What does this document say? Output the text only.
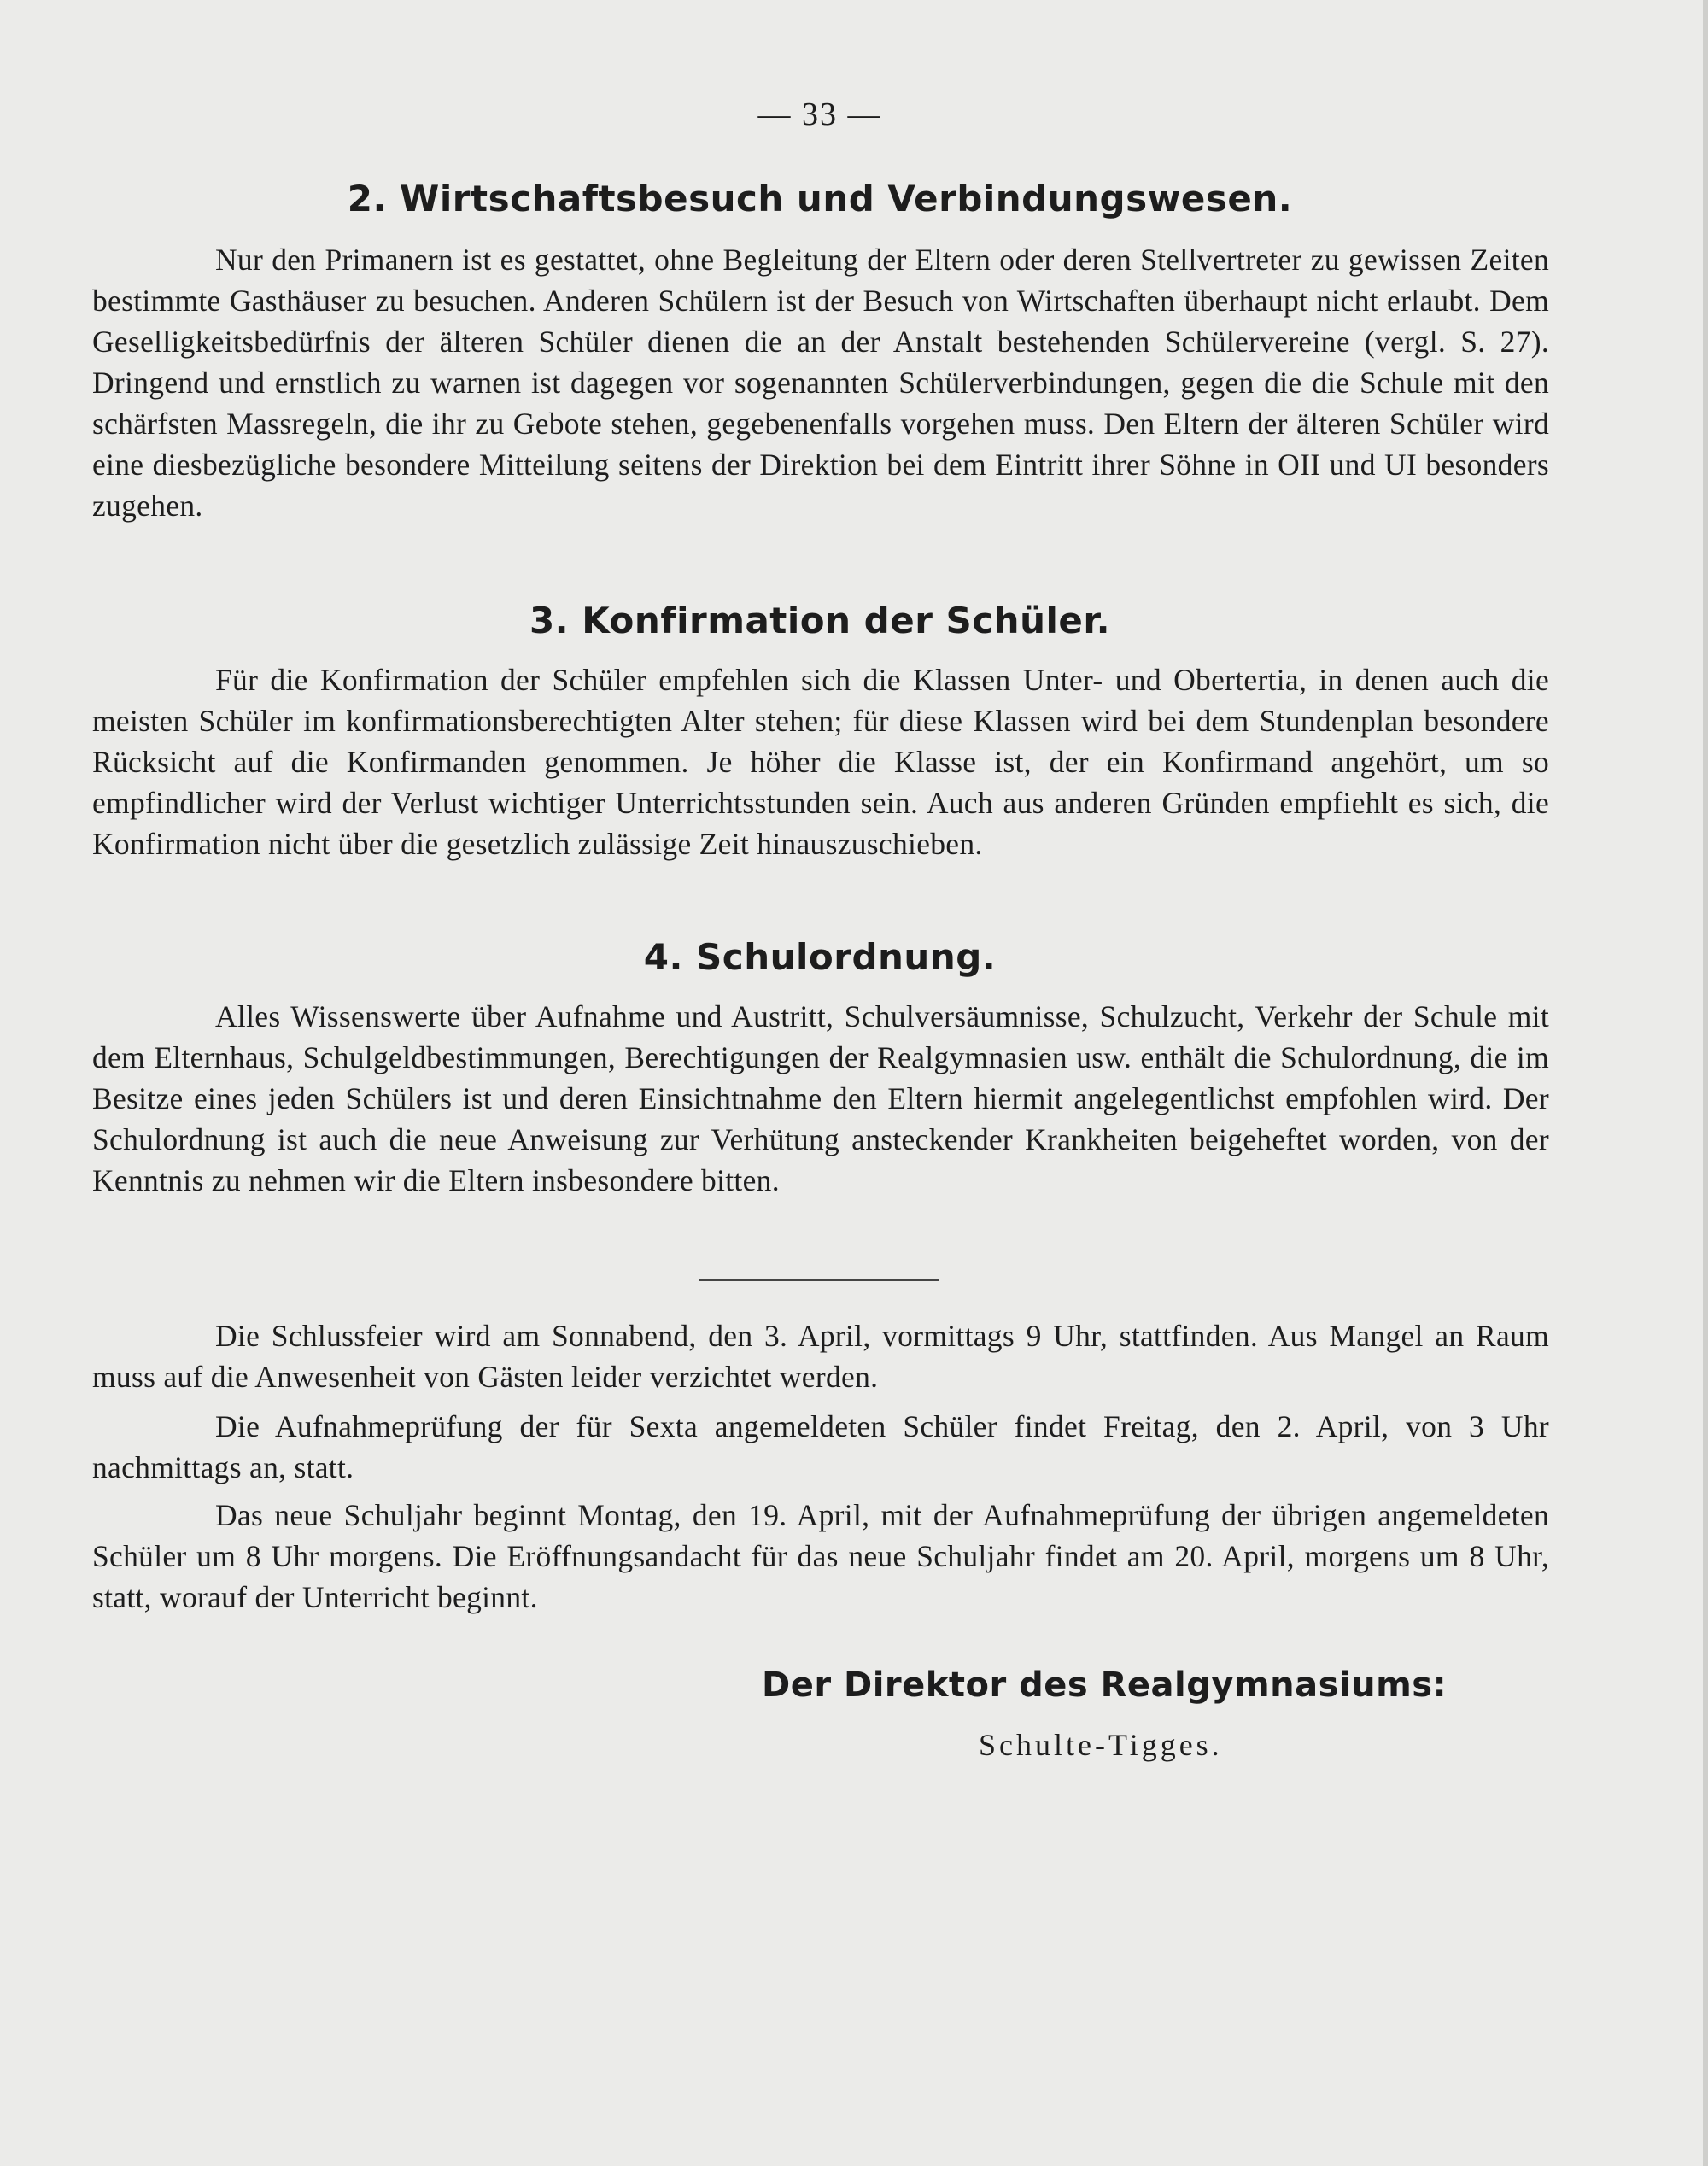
— 33 —
2. Wirtschaftsbesuch und Verbindungswesen.
Nur den Primanern ist es gestattet, ohne Begleitung der Eltern oder deren Stellvertreter zu gewissen Zeiten bestimmte Gasthäuser zu besuchen. Anderen Schülern ist der Besuch von Wirtschaften überhaupt nicht erlaubt. Dem Geselligkeitsbedürfnis der älteren Schüler dienen die an der Anstalt bestehenden Schülervereine (vergl. S. 27). Dringend und ernstlich zu warnen ist dagegen vor sogenannten Schülerverbindungen, gegen die die Schule mit den schärfsten Massregeln, die ihr zu Gebote stehen, gegebenenfalls vorgehen muss. Den Eltern der älteren Schüler wird eine diesbezügliche besondere Mitteilung seitens der Direktion bei dem Eintritt ihrer Söhne in OII und UI besonders zugehen.
3. Konfirmation der Schüler.
Für die Konfirmation der Schüler empfehlen sich die Klassen Unter- und Obertertia, in denen auch die meisten Schüler im konfirmationsberechtigten Alter stehen; für diese Klassen wird bei dem Stundenplan besondere Rücksicht auf die Konfirmanden genommen. Je höher die Klasse ist, der ein Konfirmand angehört, um so empfindlicher wird der Verlust wichtiger Unterrichtsstunden sein. Auch aus anderen Gründen empfiehlt es sich, die Konfirmation nicht über die gesetzlich zulässige Zeit hinauszuschieben.
4. Schulordnung.
Alles Wissenswerte über Aufnahme und Austritt, Schulversäumnisse, Schulzucht, Verkehr der Schule mit dem Elternhaus, Schulgeldbestimmungen, Berechtigungen der Realgymnasien usw. enthält die Schulordnung, die im Besitze eines jeden Schülers ist und deren Einsichtnahme den Eltern hiermit angelegentlichst empfohlen wird. Der Schulordnung ist auch die neue Anweisung zur Verhütung ansteckender Krankheiten beigeheftet worden, von der Kenntnis zu nehmen wir die Eltern insbesondere bitten.
Die Schlussfeier wird am Sonnabend, den 3. April, vormittags 9 Uhr, stattfinden. Aus Mangel an Raum muss auf die Anwesenheit von Gästen leider verzichtet werden.
Die Aufnahmeprüfung der für Sexta angemeldeten Schüler findet Freitag, den 2. April, von 3 Uhr nachmittags an, statt.
Das neue Schuljahr beginnt Montag, den 19. April, mit der Aufnahmeprüfung der übrigen angemeldeten Schüler um 8 Uhr morgens. Die Eröffnungsandacht für das neue Schuljahr findet am 20. April, morgens um 8 Uhr, statt, worauf der Unterricht beginnt.
Der Direktor des Realgymnasiums:
Schulte-Tigges.
